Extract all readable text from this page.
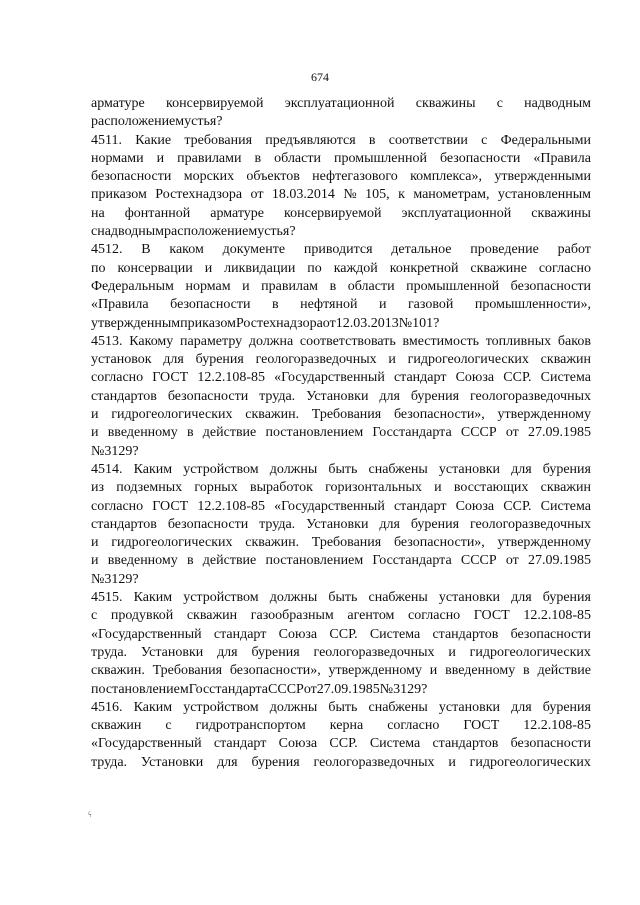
674
арматуре консервируемой эксплуатационной скважины с надводным
расположением устья?
4511. Какие требования предъявляются в соответствии с Федеральными
нормами и правилами в области промышленной безопасности «Правила
безопасности морских объектов нефтегазового комплекса», утвержденными
приказом Ростехнадзора от 18.03.2014 № 105, к манометрам, установленным
на фонтанной арматуре консервируемой эксплуатационной скважины
с надводным расположением устья?
4512. В каком документе приводится детальное проведение работ
по консервации и ликвидации по каждой конкретной скважине согласно
Федеральным нормам и правилам в области промышленной безопасности
«Правила безопасности в нефтяной и газовой промышленности»,
утвержденным приказом Ростехнадзора от 12.03.2013 № 101?
4513. Какому параметру должна соответствовать вместимость топливных баков
установок для бурения геологоразведочных и гидрогеологических скважин
согласно ГОСТ 12.2.108-85 «Государственный стандарт Союза ССР. Система
стандартов безопасности труда. Установки для бурения геологоразведочных
и гидрогеологических скважин. Требования безопасности», утвержденному
и введенному в действие постановлением Госстандарта СССР от 27.09.1985
№ 3129?
4514. Каким устройством должны быть снабжены установки для бурения
из подземных горных выработок горизонтальных и восстающих скважин
согласно ГОСТ 12.2.108-85 «Государственный стандарт Союза ССР. Система
стандартов безопасности труда. Установки для бурения геологоразведочных
и гидрогеологических скважин. Требования безопасности», утвержденному
и введенному в действие постановлением Госстандарта СССР от 27.09.1985
№ 3129?
4515. Каким устройством должны быть снабжены установки для бурения
с продувкой скважин газообразным агентом согласно ГОСТ 12.2.108-85
«Государственный стандарт Союза ССР. Система стандартов безопасности
труда. Установки для бурения геологоразведочных и гидрогеологических
скважин. Требования безопасности», утвержденному и введенному в действие
постановлением Госстандарта СССР от 27.09.1985 № 3129?
4516. Каким устройством должны быть снабжены установки для бурения
скважин с гидротранспортом керна согласно ГОСТ 12.2.108-85
«Государственный стандарт Союза ССР. Система стандартов безопасности
труда. Установки для бурения геологоразведочных и гидрогеологических
ϟ
